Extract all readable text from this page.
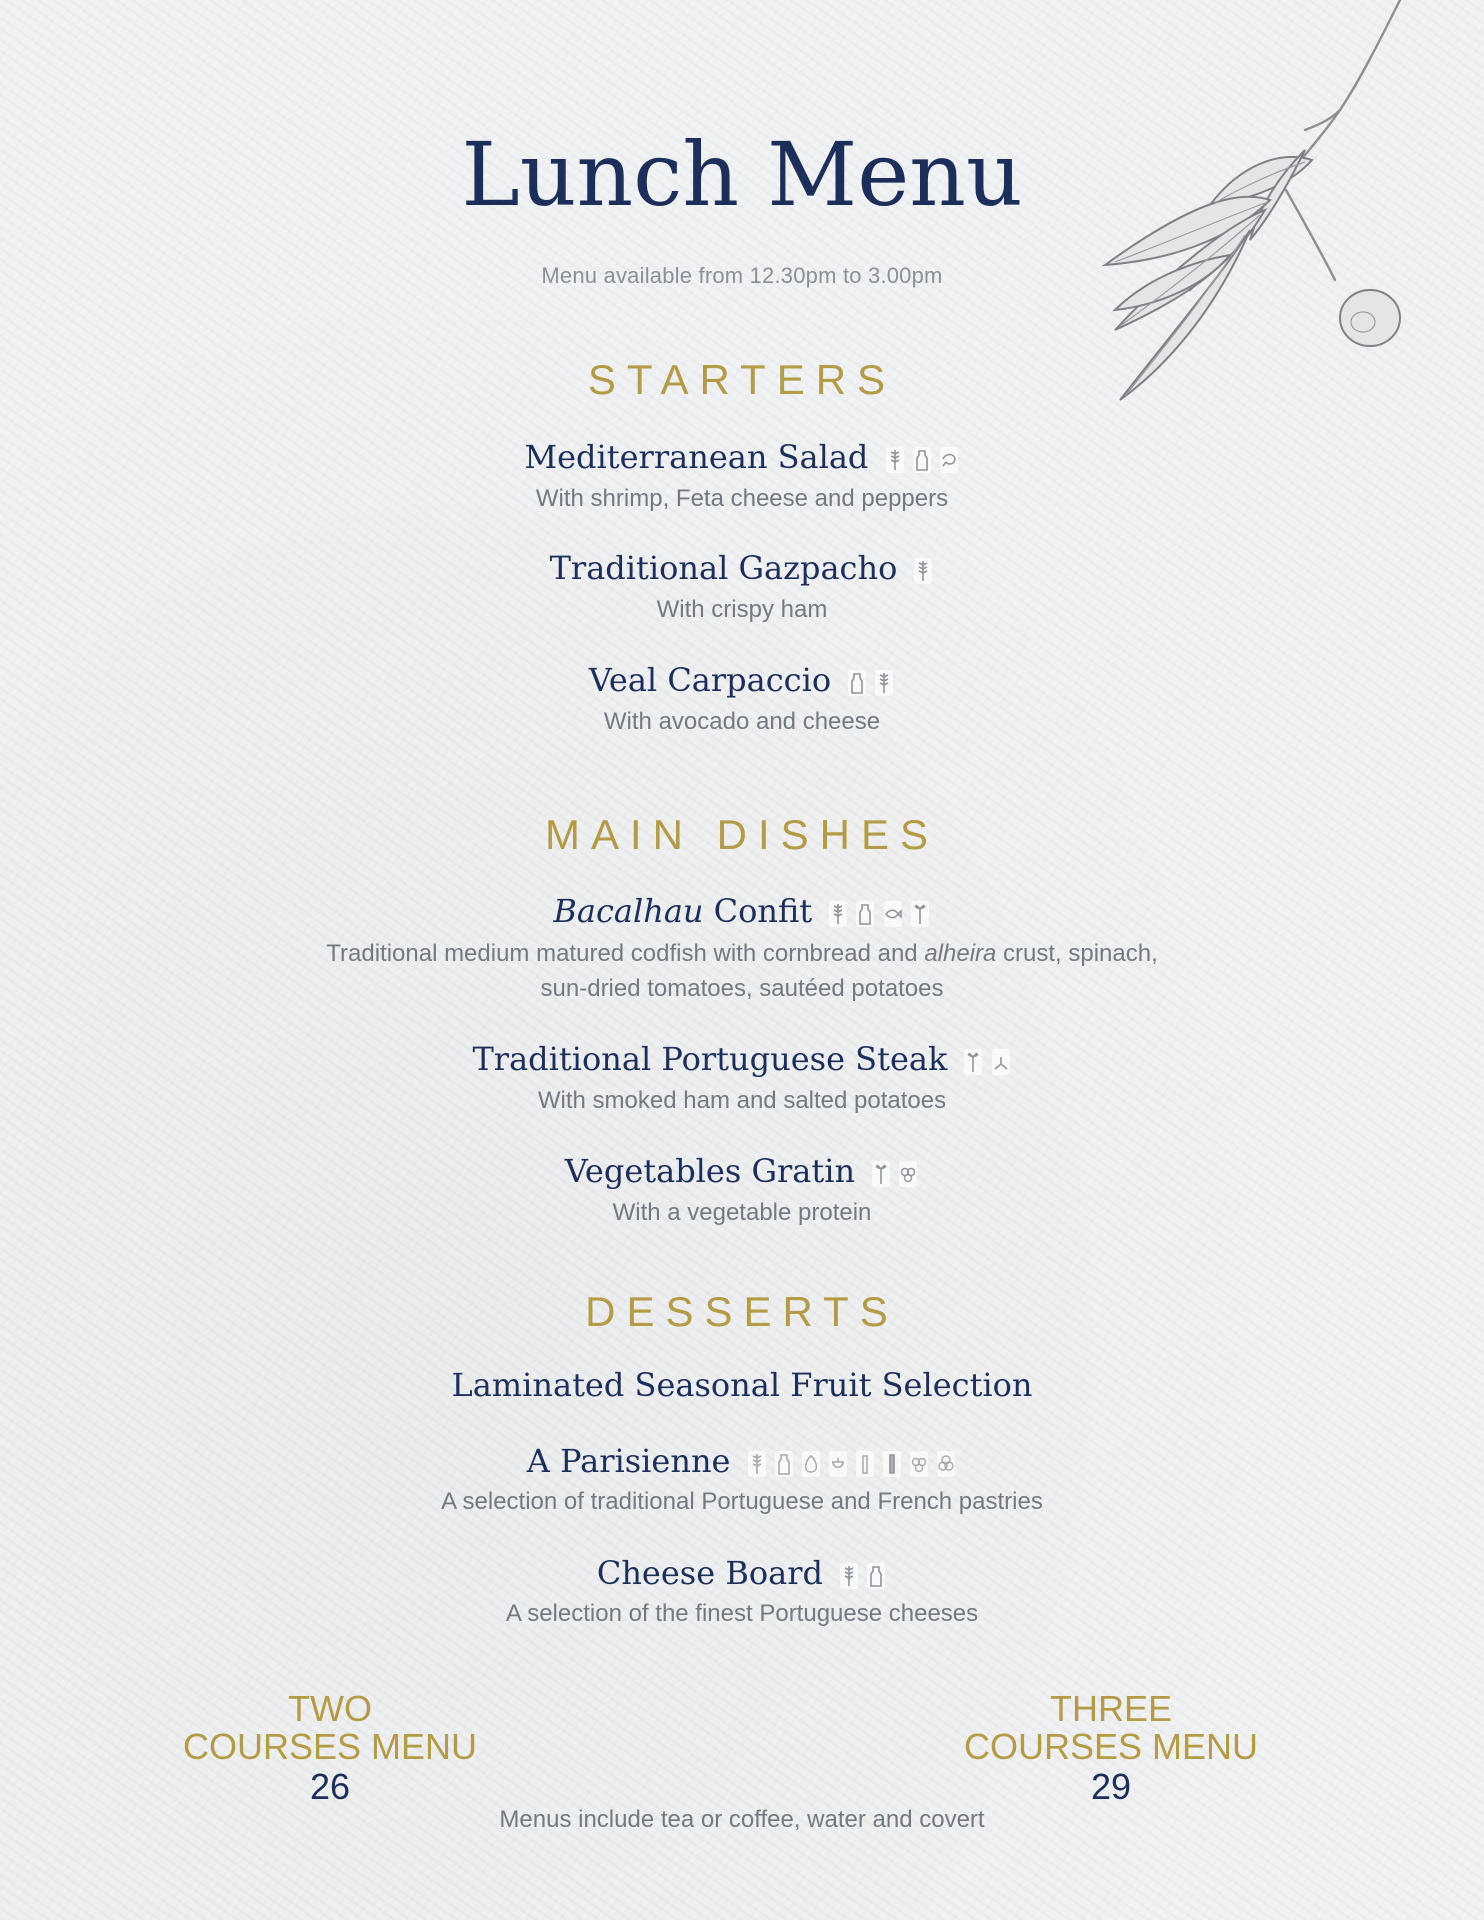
Lunch Menu
Menu available from 12.30pm to 3.00pm
STARTERS
Mediterranean Salad

With shrimp, Feta cheese and peppers
Traditional Gazpacho
With crispy ham
Veal Carpaccio

With avocado and cheese
MAIN DISHES
Bacalhau Confit

Traditional medium matured codfish with cornbread and alheira crust, spinach,
sun-dried tomatoes, sautéed potatoes
Traditional Portuguese Steak

With smoked ham and salted potatoes
Vegetables Gratin

With a vegetable protein
DESSERTS
Laminated Seasonal Fruit Selection
A Parisienne

A selection of traditional Portuguese and French pastries
Cheese Board

A selection of the finest Portuguese cheeses
TWO
COURSES MENU
26
THREE
COURSES MENU
29
Menus include tea or coffee, water and covert
